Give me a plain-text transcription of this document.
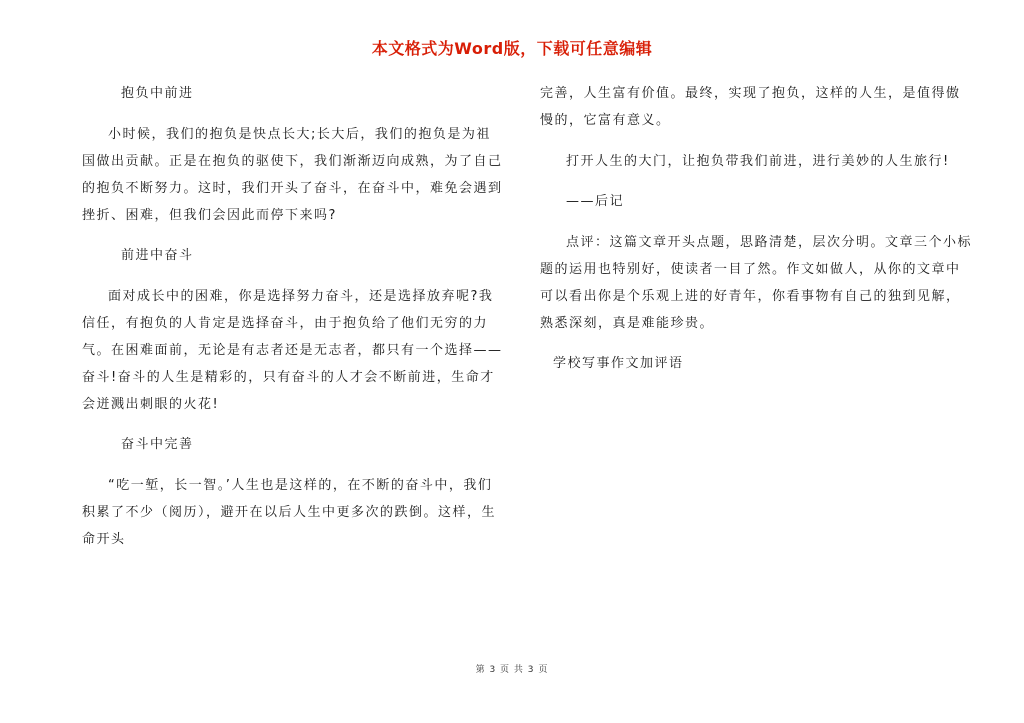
本文格式为Word版，下载可任意编辑

抱负中前进

小时候，我们的抱负是快点长大;长大后，我们的抱负是为祖国做出贡献。正是在抱负的驱使下，我们渐渐迈向成熟，为了自己的抱负不断努力。这时，我们开头了奋斗，在奋斗中，难免会遇到挫折、困难，但我们会因此而停下来吗?

前进中奋斗

面对成长中的困难，你是选择努力奋斗，还是选择放弃呢?我信任，有抱负的人肯定是选择奋斗，由于抱负给了他们无穷的力气。在困难面前，无论是有志者还是无志者，都只有一个选择——奋斗!奋斗的人生是精彩的，只有奋斗的人才会不断前进，生命才会迸溅出刺眼的火花!

奋斗中完善

“吃一堑，长一智。’人生也是这样的，在不断的奋斗中，我们积累了不少（阅历），避开在以后人生中更多次的跌倒。这样，生命开头

完善，人生富有价值。最终，实现了抱负，这样的人生，是值得傲慢的，它富有意义。

打开人生的大门，让抱负带我们前进，进行美妙的人生旅行!

——后记

点评：这篇文章开头点题，思路清楚，层次分明。文章三个小标题的运用也特别好，使读者一目了然。作文如做人，从你的文章中可以看出你是个乐观上进的好青年，你看事物有自己的独到见解，熟悉深刻，真是难能珍贵。

学校写事作文加评语

第 3 页 共 3 页
